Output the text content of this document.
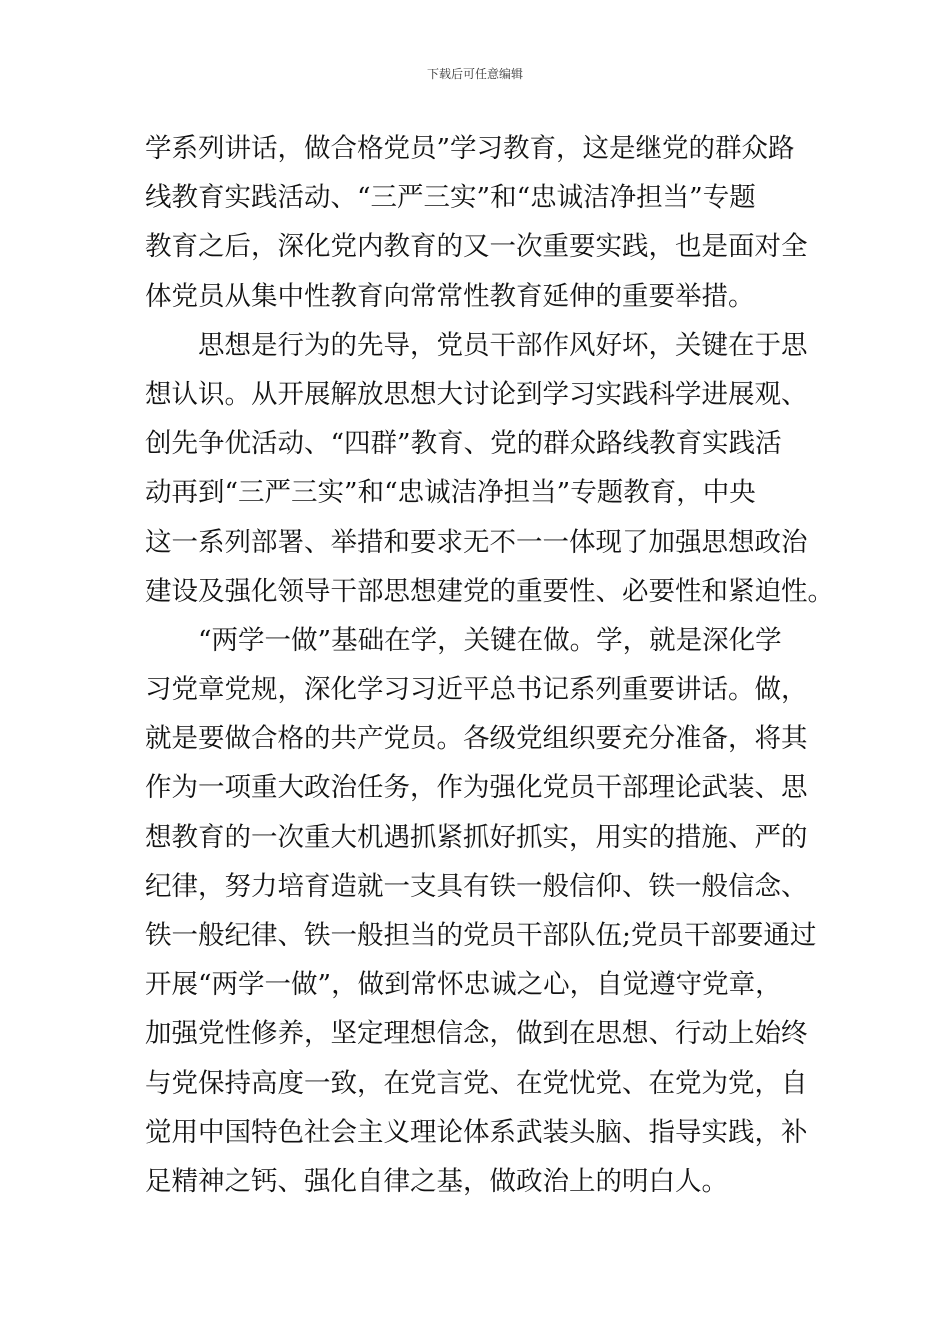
下载后可任意编辑
学系列讲话，做合格党员”学习教育，这是继党的群众路
线教育实践活动、“三严三实”和“忠诚洁净担当”专题
教育之后，深化党内教育的又一次重要实践，也是面对全
体党员从集中性教育向常常性教育延伸的重要举措。
思想是行为的先导，党员干部作风好坏，关键在于思
想认识。从开展解放思想大讨论到学习实践科学进展观、
创先争优活动、“四群”教育、党的群众路线教育实践活
动再到“三严三实”和“忠诚洁净担当”专题教育，中央
这一系列部署、举措和要求无不一一体现了加强思想政治
建设及强化领导干部思想建党的重要性、必要性和紧迫性。
“两学一做”基础在学，关键在做。学，就是深化学
习党章党规，深化学习习近平总书记系列重要讲话。做，
就是要做合格的共产党员。各级党组织要充分准备，将其
作为一项重大政治任务，作为强化党员干部理论武装、思
想教育的一次重大机遇抓紧抓好抓实，用实的措施、严的
纪律，努力培育造就一支具有铁一般信仰、铁一般信念、
铁一般纪律、铁一般担当的党员干部队伍;党员干部要通过
开展“两学一做”，做到常怀忠诚之心，自觉遵守党章，
加强党性修养，坚定理想信念，做到在思想、行动上始终
与党保持高度一致，在党言党、在党忧党、在党为党，自
觉用中国特色社会主义理论体系武装头脑、指导实践，补
足精神之钙、强化自律之基，做政治上的明白人。
